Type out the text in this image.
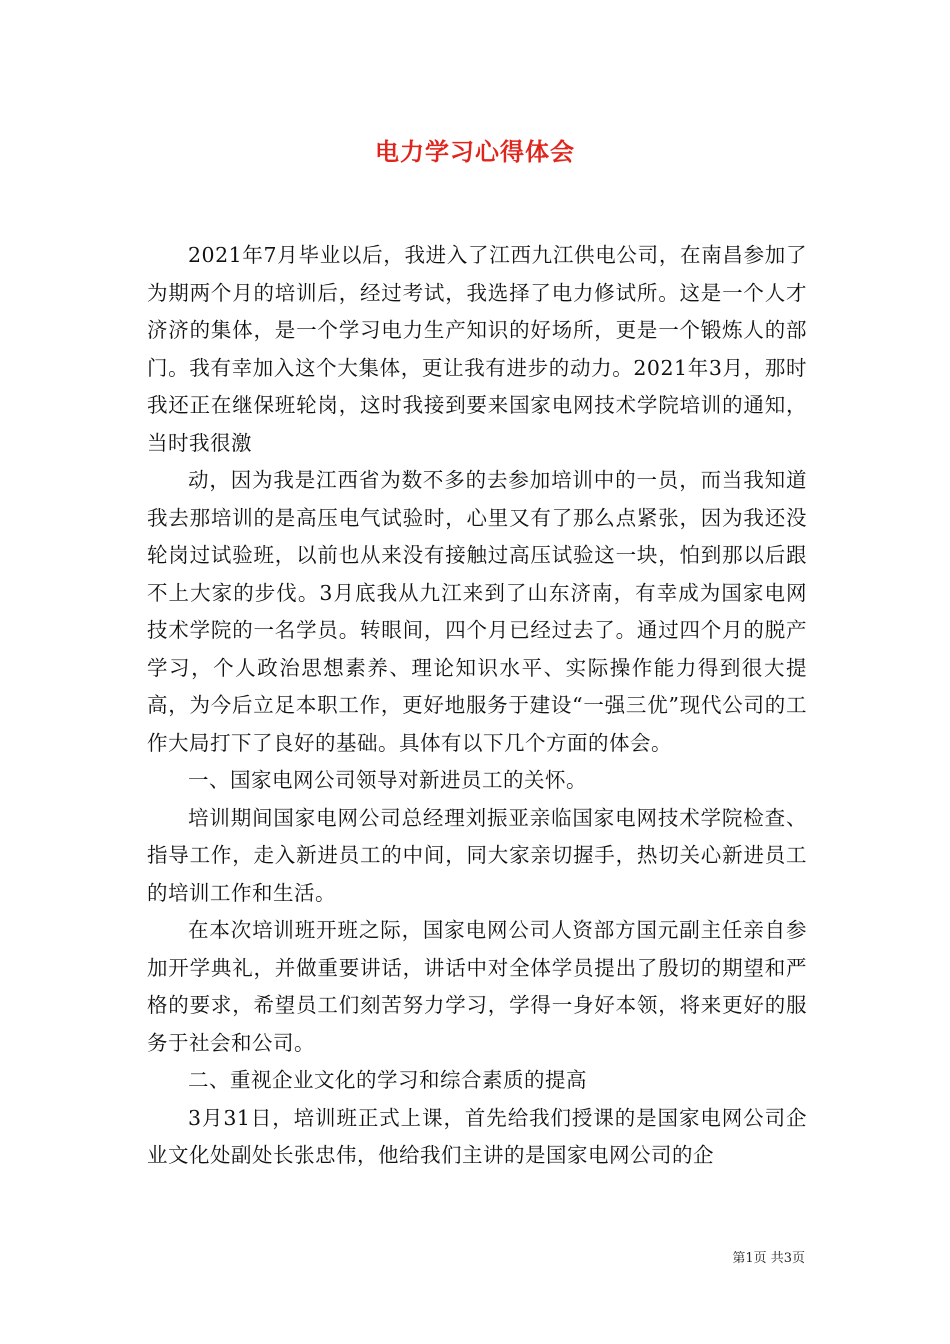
电力学习心得体会

2021年7月毕业以后，我进入了江西九江供电公司，在南昌参加了为期两个月的培训后，经过考试，我选择了电力修试所。这是一个人才济济的集体，是一个学习电力生产知识的好场所，更是一个锻炼人的部门。我有幸加入这个大集体，更让我有进步的动力。2021年3月，那时我还正在继保班轮岗，这时我接到要来国家电网技术学院培训的通知，当时我很激

动，因为我是江西省为数不多的去参加培训中的一员，而当我知道我去那培训的是高压电气试验时，心里又有了那么点紧张，因为我还没轮岗过试验班，以前也从来没有接触过高压试验这一块，怕到那以后跟不上大家的步伐。3月底我从九江来到了山东济南，有幸成为国家电网技术学院的一名学员。转眼间，四个月已经过去了。通过四个月的脱产学习，个人政治思想素养、理论知识水平、实际操作能力得到很大提高，为今后立足本职工作，更好地服务于建设“一强三优”现代公司的工作大局打下了良好的基础。具体有以下几个方面的体会。

一、国家电网公司领导对新进员工的关怀。

培训期间国家电网公司总经理刘振亚亲临国家电网技术学院检查、指导工作，走入新进员工的中间，同大家亲切握手，热切关心新进员工的培训工作和生活。

在本次培训班开班之际，国家电网公司人资部方国元副主任亲自参加开学典礼，并做重要讲话，讲话中对全体学员提出了殷切的期望和严格的要求，希望员工们刻苦努力学习，学得一身好本领，将来更好的服务于社会和公司。

二、重视企业文化的学习和综合素质的提高

3月31日，培训班正式上课，首先给我们授课的是国家电网公司企业文化处副处长张忠伟，他给我们主讲的是国家电网公司的企

第1页 共3页
